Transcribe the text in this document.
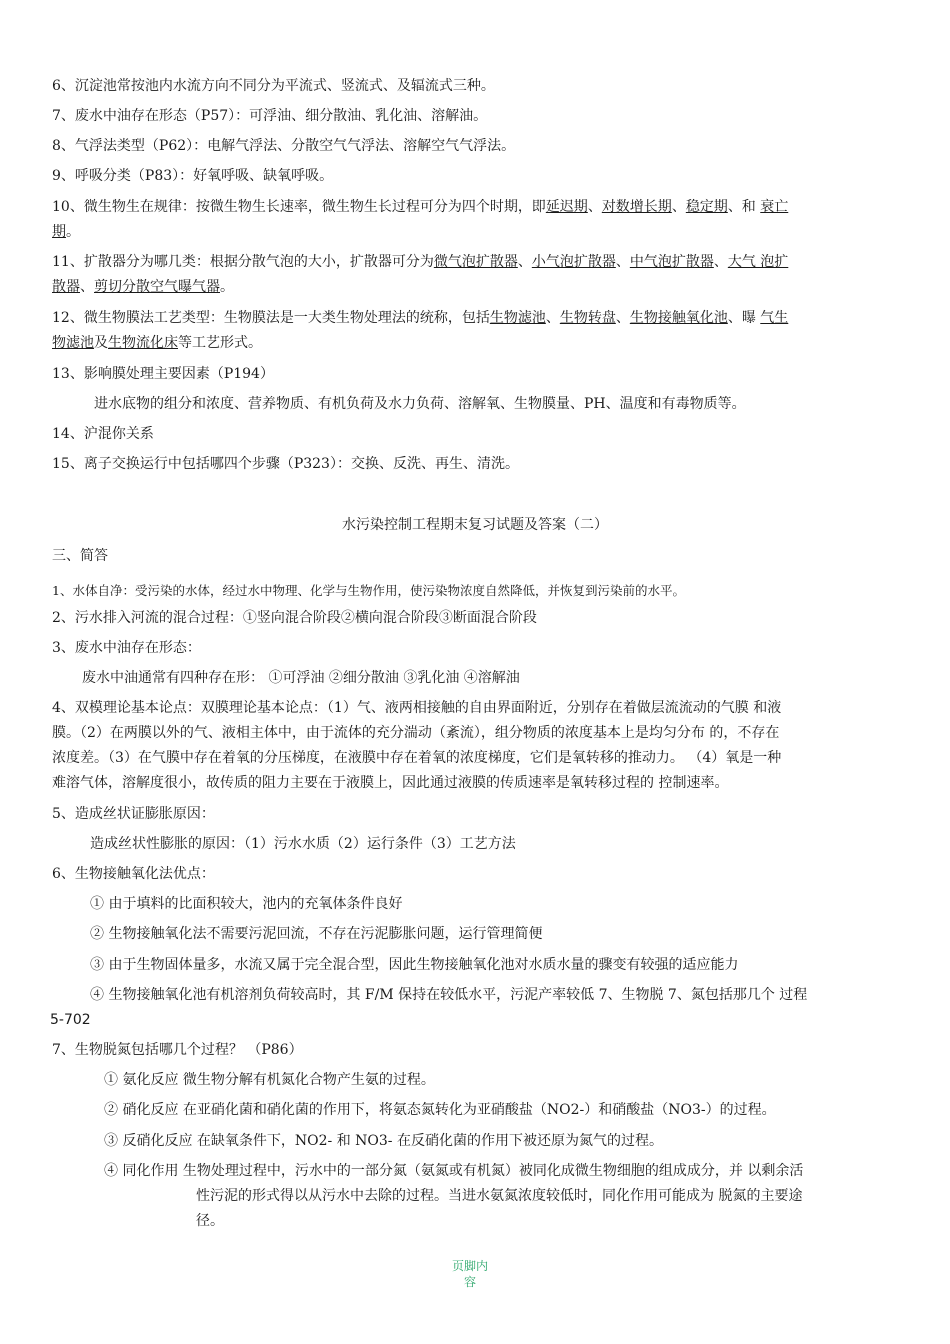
6、沉淀池常按池内水流方向不同分为平流式、竖流式、及辐流式三种。
7、废水中油存在形态（P57）：可浮油、细分散油、乳化油、溶解油。
8、气浮法类型（P62）：电解气浮法、分散空气气浮法、溶解空气气浮法。
9、呼吸分类（P83）：好氧呼吸、缺氧呼吸。
10、微生物生在规律：按微生物生长速率，微生物生长过程可分为四个时期，即延迟期、对数增长期、稳定期、和 衰亡
期。
11、扩散器分为哪几类：根据分散气泡的大小，扩散器可分为微气泡扩散器、小气泡扩散器、中气泡扩散器、大气 泡扩
散器、剪切分散空气曝气器。
12、微生物膜法工艺类型：生物膜法是一大类生物处理法的统称，包括生物滤池、生物转盘、生物接触氧化池、曝 气生
物滤池及生物流化床等工艺形式。
13、影响膜处理主要因素（P194）
进水底物的组分和浓度、营养物质、有机负荷及水力负荷、溶解氧、生物膜量、PH、温度和有毒物质等。
14、沪混你关系
15、离子交换运行中包括哪四个步骤（P323）：交换、反洗、再生、清洗。
水污染控制工程期末复习试题及答案（二）
三、简答
1、水体自净：受污染的水体，经过水中物理、化学与生物作用，使污染物浓度自然降低，并恢复到污染前的水平。
2、污水排入河流的混合过程：①竖向混合阶段②横向混合阶段③断面混合阶段
3、废水中油存在形态：
废水中油通常有四种存在形： ①可浮油 ②细分散油 ③乳化油 ④溶解油
4、双模理论基本论点：双膜理论基本论点：（1）气、液两相接触的自由界面附近，分别存在着做层流流动的气膜 和液
膜。（2）在两膜以外的气、液相主体中，由于流体的充分湍动（紊流），组分物质的浓度基本上是均匀分布 的，不存在
浓度差。（3）在气膜中存在着氧的分压梯度，在液膜中存在着氧的浓度梯度，它们是氧转移的推动力。 （4）氧是一种
难溶气体，溶解度很小，故传质的阻力主要在于液膜上，因此通过液膜的传质速率是氧转移过程的 控制速率。
5、造成丝状证膨胀原因：
造成丝状性膨胀的原因：（1）污水水质（2）运行条件（3）工艺方法
6、生物接触氧化法优点：
① 由于填料的比面积较大，池内的充氧体条件良好
② 生物接触氧化法不需要污泥回流，不存在污泥膨胀问题，运行管理简便
③ 由于生物固体量多，水流又属于完全混合型，因此生物接触氧化池对水质水量的骤变有较强的适应能力
④ 生物接触氧化池有机溶剂负荷较高时，其 F/M 保持在较低水平，污泥产率较低 7、生物脱 7、氮包括那几个 过程
5-702
7、生物脱氮包括哪几个过程？ （P86）
① 氨化反应 微生物分解有机氮化合物产生氨的过程。
② 硝化反应 在亚硝化菌和硝化菌的作用下，将氨态氮转化为亚硝酸盐（NO2-）和硝酸盐（NO3-）的过程。
③ 反硝化反应 在缺氧条件下，NO2- 和 NO3- 在反硝化菌的作用下被还原为氮气的过程。
④ 同化作用 生物处理过程中，污水中的一部分氮（氨氮或有机氮）被同化成微生物细胞的组成成分，并 以剩余活
性污泥的形式得以从污水中去除的过程。当进水氨氮浓度较低时，同化作用可能成为 脱氮的主要途
径。
页脚内
容
